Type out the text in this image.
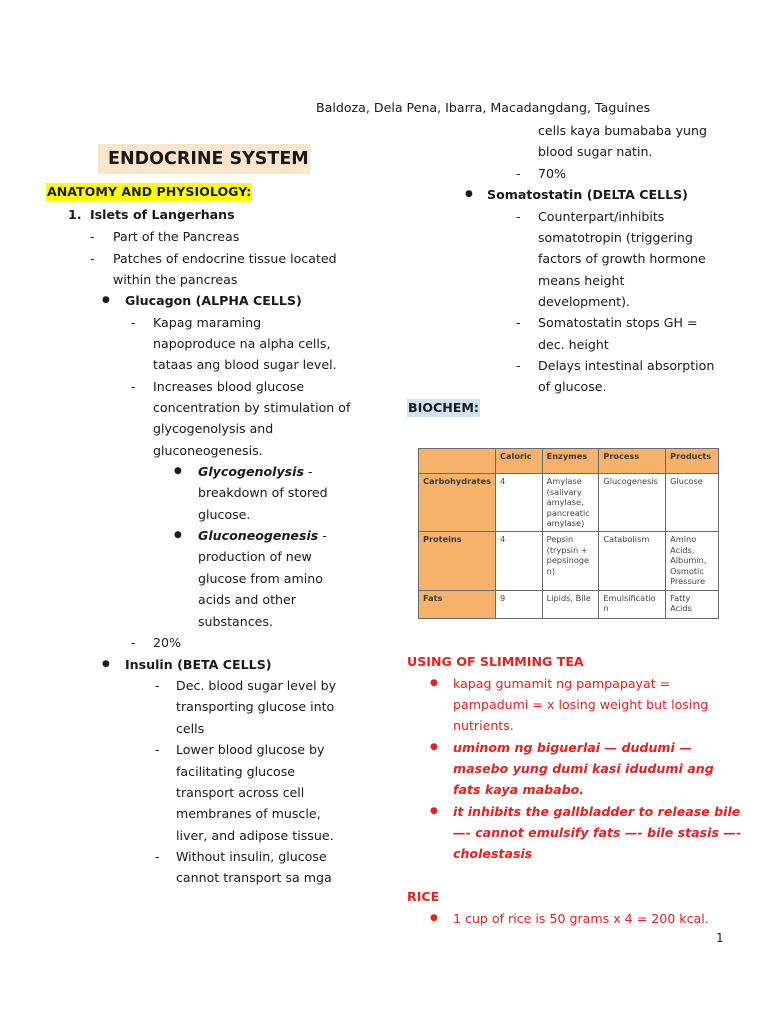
Baldoza, Dela Pena, Ibarra, Macadangdang, Taguines
ENDOCRINE SYSTEM
ANATOMY AND PHYSIOLOGY:
1. Islets of Langerhans
- Part of the Pancreas
- Patches of endocrine tissue located
within the pancreas
● Glucagon (ALPHA CELLS)
- Kapag maraming
napoproduce na alpha cells,
tataas ang blood sugar level.
- Increases blood glucose
concentration by stimulation of
glycogenolysis and
gluconeogenesis.
● Glycogenolysis -
breakdown of stored
glucose.
● Gluconeogenesis -
production of new
glucose from amino
acids and other
substances.
- 20%
● Insulin (BETA CELLS)
- Dec. blood sugar level by
transporting glucose into
cells
- Lower blood glucose by
facilitating glucose
transport across cell
membranes of muscle,
liver, and adipose tissue.
- Without insulin, glucose
cannot transport sa mga
cells kaya bumababa yung
blood sugar natin.
- 70%
● Somatostatin (DELTA CELLS)
- Counterpart/inhibits
somatotropin (triggering
factors of growth hormone
means height
development).
- Somatostatin stops GH =
dec. height
- Delays intestinal absorption
of glucose.
BIOCHEM:
	Caloric	Enzymes	Process	Products
Carbohydrates	4	Amylase (salivary amylase, pancreatic amylase)	Glucogenesis	Glucose
Proteins	4	Pepsin (trypsin + pepsinoge n)	Catabolism	Amino Acids, Albumin, Osmotic Pressure
Fats	9	Lipids, Bile	Emulsificatio n	Fatty Acids
USING OF SLIMMING TEA
● kapag gumamit ng pampapayat =
pampadumi = x losing weight but losing
nutrients.
● uminom ng biguerlai — dudumi —
masebo yung dumi kasi idudumi ang
fats kaya mababo.
● it inhibits the gallbladder to release bile
—- cannot emulsify fats —- bile stasis —-
cholestasis
RICE
● 1 cup of rice is 50 grams x 4 = 200 kcal.
1
